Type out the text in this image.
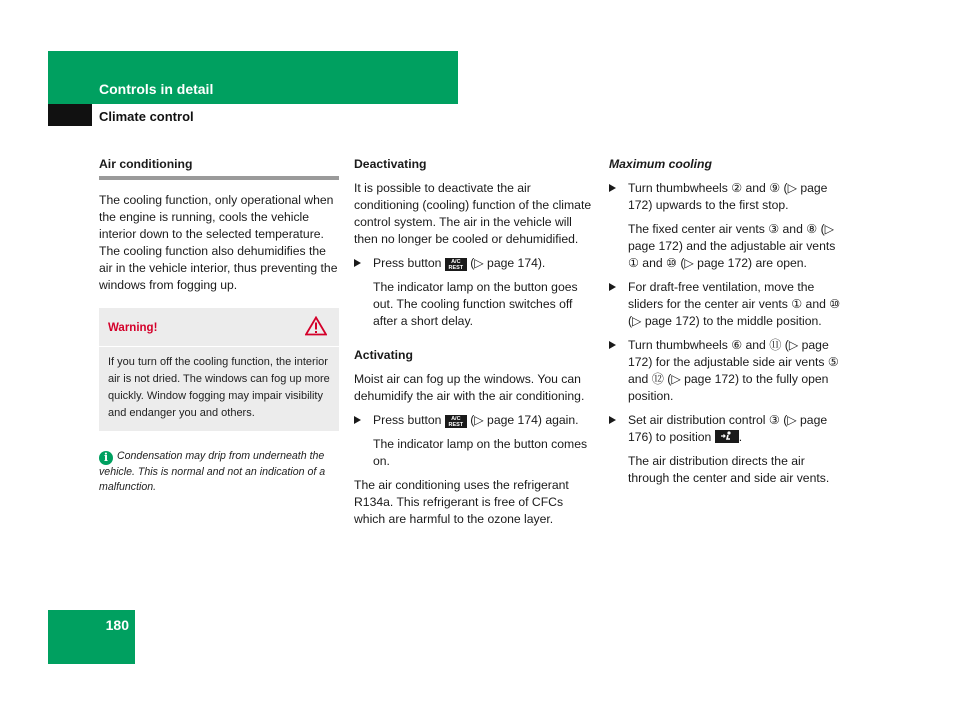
Controls in detail
Climate control
Air conditioning

The cooling function, only operational when the engine is running, cools the vehicle interior down to the selected temperature. The cooling function also dehumidifies the air in the vehicle interior, thus preventing the windows from fogging up.

Warning!
If you turn off the cooling function, the interior air is not dried. The windows can fog up more quickly. Window fogging may impair visibility and endanger you and others.
i Condensation may drip from underneath the vehicle. This is normal and not an indication of a malfunction.
Deactivating

It is possible to deactivate the air conditioning (cooling) function of the climate control system. The air in the vehicle will then no longer be cooled or dehumidified.

Press button	A/C
REST (▷ page 174).

The indicator lamp on the button goes out. The cooling function switches off after a short delay.

Activating

Moist air can fog up the windows. You can dehumidify the air with the air conditioning.

Press button	A/C
REST (▷ page 174) again.

The indicator lamp on the button comes on.

The air conditioning uses the refrigerant R134a. This refrigerant is free of CFCs which are harmful to the ozone layer.

Maximum cooling
Turn thumbwheels ② and ⑨ (▷ page 172) upwards to the first stop.

The fixed center air vents ③ and ⑧ (▷ page 172) and the adjustable air vents ① and ⑩ (▷ page 172) are open.

For draft-free ventilation, move the sliders for the center air vents ① and ⑩ (▷ page 172) to the middle position.
Turn thumbwheels ⑥ and ⑪ (▷ page 172) for the adjustable side air vents ⑤ and ⑫ (▷ page 172) to the fully open position.
Set air distribution control ③ (▷ page 176) to position .

The air distribution directs the air through the center and side air vents.

180
